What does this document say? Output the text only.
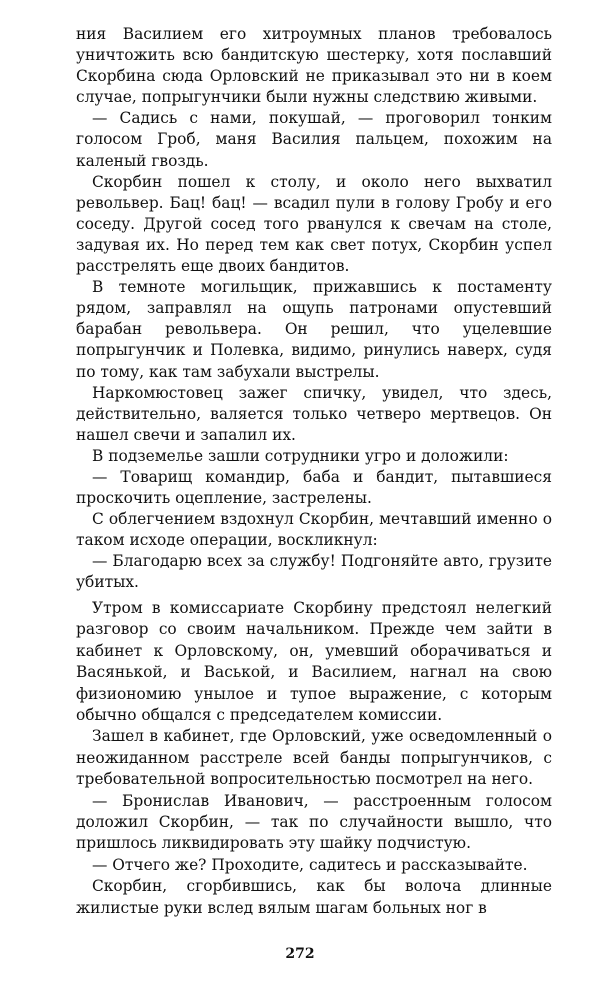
ния Василием его хитроумных планов требовалось уничтожить всю бандитскую шестерку, хотя пославший Скорбина сюда Орловский не приказывал это ни в коем случае, попрыгунчики были нужны следствию живыми.

— Садись с нами, покушай, — проговорил тонким голосом Гроб, маня Василия пальцем, похожим на каленый гвоздь.

Скорбин пошел к столу, и около него выхватил револьвер. Бац! бац! — всадил пули в голову Гробу и его соседу. Другой сосед того рванулся к свечам на столе, задувая их. Но перед тем как свет потух, Скорбин успел расстрелять еще двоих бандитов.

В темноте могильщик, прижавшись к постаменту рядом, заправлял на ощупь патронами опустевший барабан револьвера. Он решил, что уцелевшие попрыгунчик и Полевка, видимо, ринулись наверх, судя по тому, как там забухали выстрелы.

Наркомюстовец зажег спичку, увидел, что здесь, действительно, валяется только четверо мертвецов. Он нашел свечи и запалил их.

В подземелье зашли сотрудники угро и доложили:

— Товарищ командир, баба и бандит, пытавшиеся проскочить оцепление, застрелены.

С облегчением вздохнул Скорбин, мечтавший именно о таком исходе операции, воскликнул:

— Благодарю всех за службу! Подгоняйте авто, грузите убитых.

Утром в комиссариате Скорбину предстоял нелегкий разговор со своим начальником. Прежде чем зайти в кабинет к Орловскому, он, умевший оборачиваться и Васянькой, и Васькой, и Василием, нагнал на свою физиономию унылое и тупое выражение, с которым обычно общался с председателем комиссии.

Зашел в кабинет, где Орловский, уже осведомленный о неожиданном расстреле всей банды попрыгунчиков, с требовательной вопросительностью посмотрел на него.

— Бронислав Иванович, — расстроенным голосом доложил Скорбин, — так по случайности вышло, что пришлось ликвидировать эту шайку подчистую.

— Отчего же? Проходите, садитесь и рассказывайте.

Скорбин, сгорбившись, как бы волоча длинные жилистые руки вслед вялым шагам больных ног в

272
